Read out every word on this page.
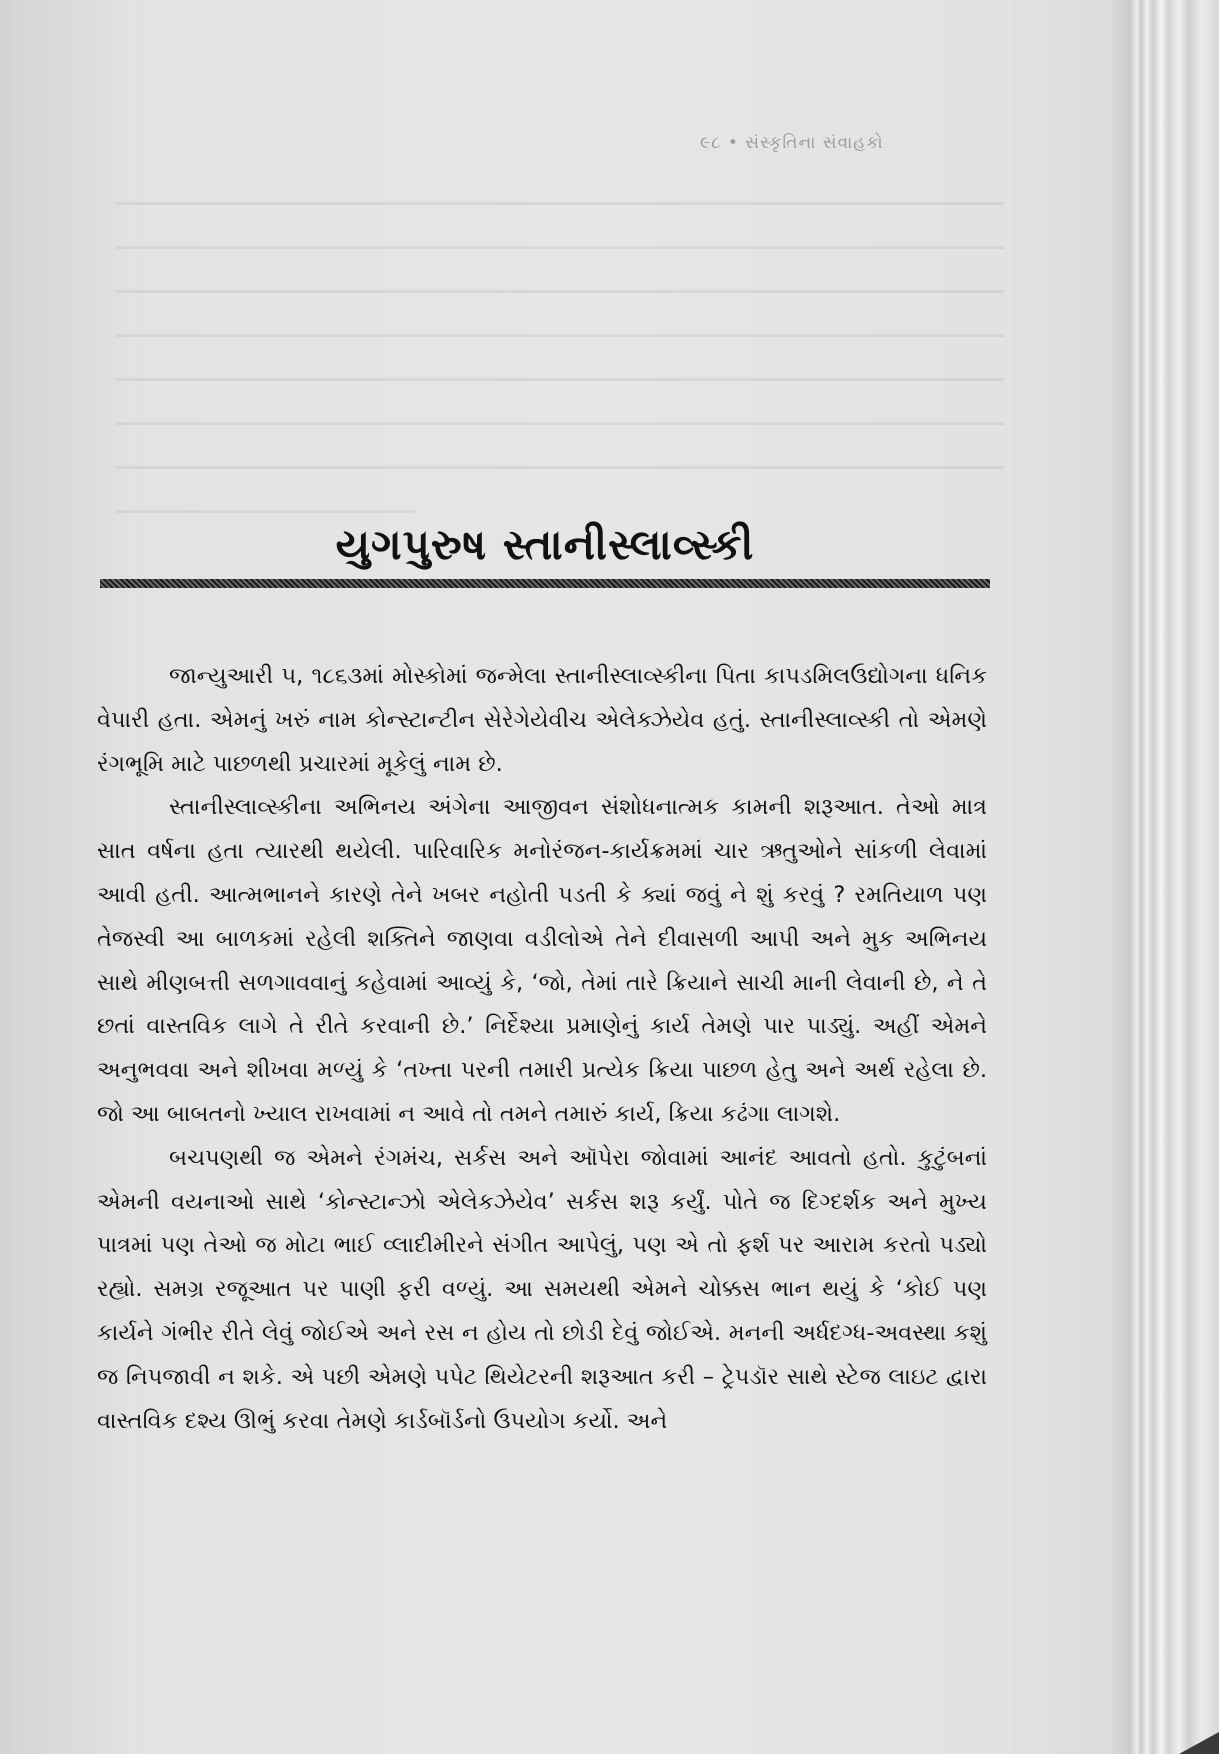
૯૮ • સંસ્કૃતિના સંવાહકો
યુગપુરુષ સ્તાનીસ્લાવ્સ્કી

જાન્યુઆરી ૫, ૧૮૬૩માં મોસ્કોમાં જન્મેલા સ્તાનીસ્લાવ્સ્કીના પિતા કાપડમિલઉદ્યોગના ધનિક વેપારી હતા. એમનું ખરું નામ કોન્સ્ટાન્ટીન સેરેગેયેવીચ એલેક્ઝેયેવ હતું. સ્તાનીસ્લાવ્સ્કી તો એમણે રંગભૂમિ માટે પાછળથી પ્રચારમાં મૂકેલું નામ છે.

સ્તાનીસ્લાવ્સ્કીના અભિનય અંગેના આજીવન સંશોધનાત્મક કામની શરૂઆત. તેઓ માત્ર સાત વર્ષના હતા ત્યારથી થયેલી. પારિવારિક મનોરંજન-કાર્યક્રમમાં ચાર ઋતુઓને સાંકળી લેવામાં આવી હતી. આત્મભાનને કારણે તેને ખબર નહોતી પડતી કે ક્યાં જવું ને શું કરવું ? રમતિયાળ પણ તેજસ્વી આ બાળકમાં રહેલી શક્તિને જાણવા વડીલોએ તેને દીવાસળી આપી અને મુક અભિનય સાથે મીણબત્તી સળગાવવાનું કહેવામાં આવ્યું કે, ‘જો, તેમાં તારે ક્રિયાને સાચી માની લેવાની છે, ને તે છતાં વાસ્તવિક લાગે તે રીતે કરવાની છે.’ નિર્દેશ્યા પ્રમાણેનું કાર્ય તેમણે પાર પાડ્યું. અહીં એમને અનુભવવા અને શીખવા મળ્યું કે ‘તખ્તા પરની તમારી પ્રત્યેક ક્રિયા પાછળ હેતુ અને અર્થ રહેલા છે. જો આ બાબતનો ખ્યાલ રાખવામાં ન આવે તો તમને તમારું કાર્ય, ક્રિયા કઢંગા લાગશે.

બચપણથી જ એમને રંગમંચ, સર્કસ અને ઑપેરા જોવામાં આનંદ આવતો હતો. કુટુંબનાં એમની વયનાઓ સાથે ‘કોન્સ્ટાન્ઝો એલેકઝેયેવ’ સર્કસ શરૂ કર્યું. પોતે જ દિગ્દર્શક અને મુખ્ય પાત્રમાં પણ તેઓ જ મોટા ભાઈ વ્લાદીમીરને સંગીત આપેલું, પણ એ તો ફર્શ પર આરામ કરતો પડ્યો રહ્યો. સમગ્ર રજૂઆત પર પાણી ફરી વળ્યું. આ સમયથી એમને ચોક્કસ ભાન થયું કે ‘કોઈ પણ કાર્યને ગંભીર રીતે લેવું જોઈએ અને રસ ન હોય તો છોડી દેવું જોઈએ. મનની અર્ધદગ્ધ-અવસ્થા કશું જ નિપજાવી ન શકે. એ પછી એમણે પપેટ થિયેટરની શરૂઆત કરી – ટ્રેપડૉર સાથે સ્ટેજ લાઇટ દ્વારા વાસ્તવિક દશ્ય ઊભું કરવા તેમણે કાર્ડબૉર્ડનો ઉપયોગ કર્યો. અને
